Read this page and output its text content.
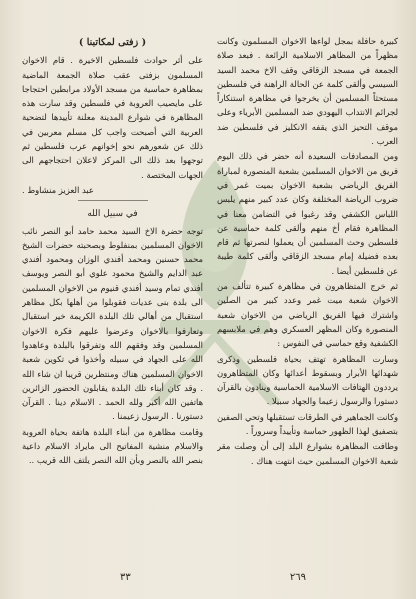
( زفتى لمكاتبنا )

على أثر حوادث فلسطين الاخيرة . قام الاخوان المسلمون بزفتى عقب صلاة الجمعة الماضية بمظاهرة حماسية من مسجد الأولاد مرابطين احتجاجا على مايصيب العروبة في فلسطين وقد سارت هذه المظاهرة في شوارع المدينة معلنة تأييدها لتضحية العربية التي أصبحت واجب كل مسلم معربين في ذلك عن شعورهم نحو إخوانهم عرب فلسطين ثم توجهوا بعد ذلك الى المركز لاعلان احتجاجهم الى الجهات المختصة .

عبد العزيز منشاوط .

في سبيل الله

توجه حضرة الاخ السيد محمد حامد أبو النصر نائب الاخوان المسلمين بمنفلوط وبصحبته حضرات الشيخ محمد حسنين ومحمد أفندي الوزان ومحمود أفندي عبد الدايم والشيخ محمود علوي أبو النصر ويوسف أفندي تمام وسيد أفندي قنيوم من الاخوان المسلمين الى بلدة بنى عديات فقوبلوا من أهلها بكل مظاهر استقبال من أهالي تلك البلدة الكريمة خير استقبال وتعارفوا بالاخوان وعرضوا عليهم فكرة الاخوان المسلمين وقد وفقهم الله وتفرقوا بالبلدة وعاهدوا الله على الجهاد في سبيله وأخذوا في تكوين شعبة الاخوان المسلمين هناك ومنتظرين قريبا ان شاء الله . وقد كان أبناء تلك البلدة يقابلون الحضور الزائرين هاتفين الله أكبر ولله الحمد . الاسلام دينا . القرآن دستورنا . الرسول زعيمنا .

وقامت مظاهرة من أبناء البلدة هاتفة بحياة العروبة والاسلام منشية المفاتيح الى مايراد الاسلام داعية بنصر الله بالنصر وبأن الله النصر يلتف الله قريب ..

كبيرة حافلة بمجل لواءها الاخوان المسلمون وكانت مظهراً من المظاهر الاسلامية الرائعة . فبعد صلاة الجمعة في مسجد الزقاقي وقف الاخ محمد السيد السيسي وألقى كلمة عن الحالة الراهنة في فلسطين مستحثاً المسلمين أن يخرجوا في مظاهرة استنكاراً لجرائم الانتداب اليهودي ضد المسلمين الأبرياء وعلى موقف التحيز الذي يقفه الانكليز في فلسطين ضد العرب .

ومن المصادفات السعيدة أنه حضر في ذلك اليوم فريق من الاخوان المسلمين بشعبة المنصورة لمباراة الفريق الرياضي بشعبة الاخوان بميت غمر في ضروب الرياضة المختلفة وكان عدد كبير منهم يلبس اللباس الكشفي وقد رغبوا في التضامن معنا في المظاهرة فقام أخ منهم وألقى كلمة حماسية عن فلسطين وحث المسلمين أن يعملوا لنصرتها ثم قام بعده فضيلة إمام مسجد الزقاقي وألقى كلمة طيبة عن فلسطين أيضا .

ثم خرج المتظاهرون في مظاهرة كبيرة تتألف من الاخوان شعبة ميت غمر وعدد كبير من الصلين واشترك فيها الفريق الرياضي من الاخوان شعبة المنصورة وكان المظهر العسكري وهم في ملابسهم الكشفية وقع حماسي في النفوس :

وسارت المظاهرة تهتف بحياة فلسطين وذكرى شهدائها الأبرار وبسقوط أعدائها وكان المتظاهرون يرددون الهتافات الاسلامية الحماسية وينادون بالقرآن دستورا والرسول زعيما والجهاد سبيلا .

وكانت الجماهير في الطرقات تستقبلها وتحي الصفين بتصفيق لهذا الظهور حماسة وتأييداً وسروراً .

وطافت المظاهرة بشوارع البلد إلى أن وصلت مقر شعبة الاخوان المسلمين حيث انتهت هناك .

٣٣	٢٦٩
